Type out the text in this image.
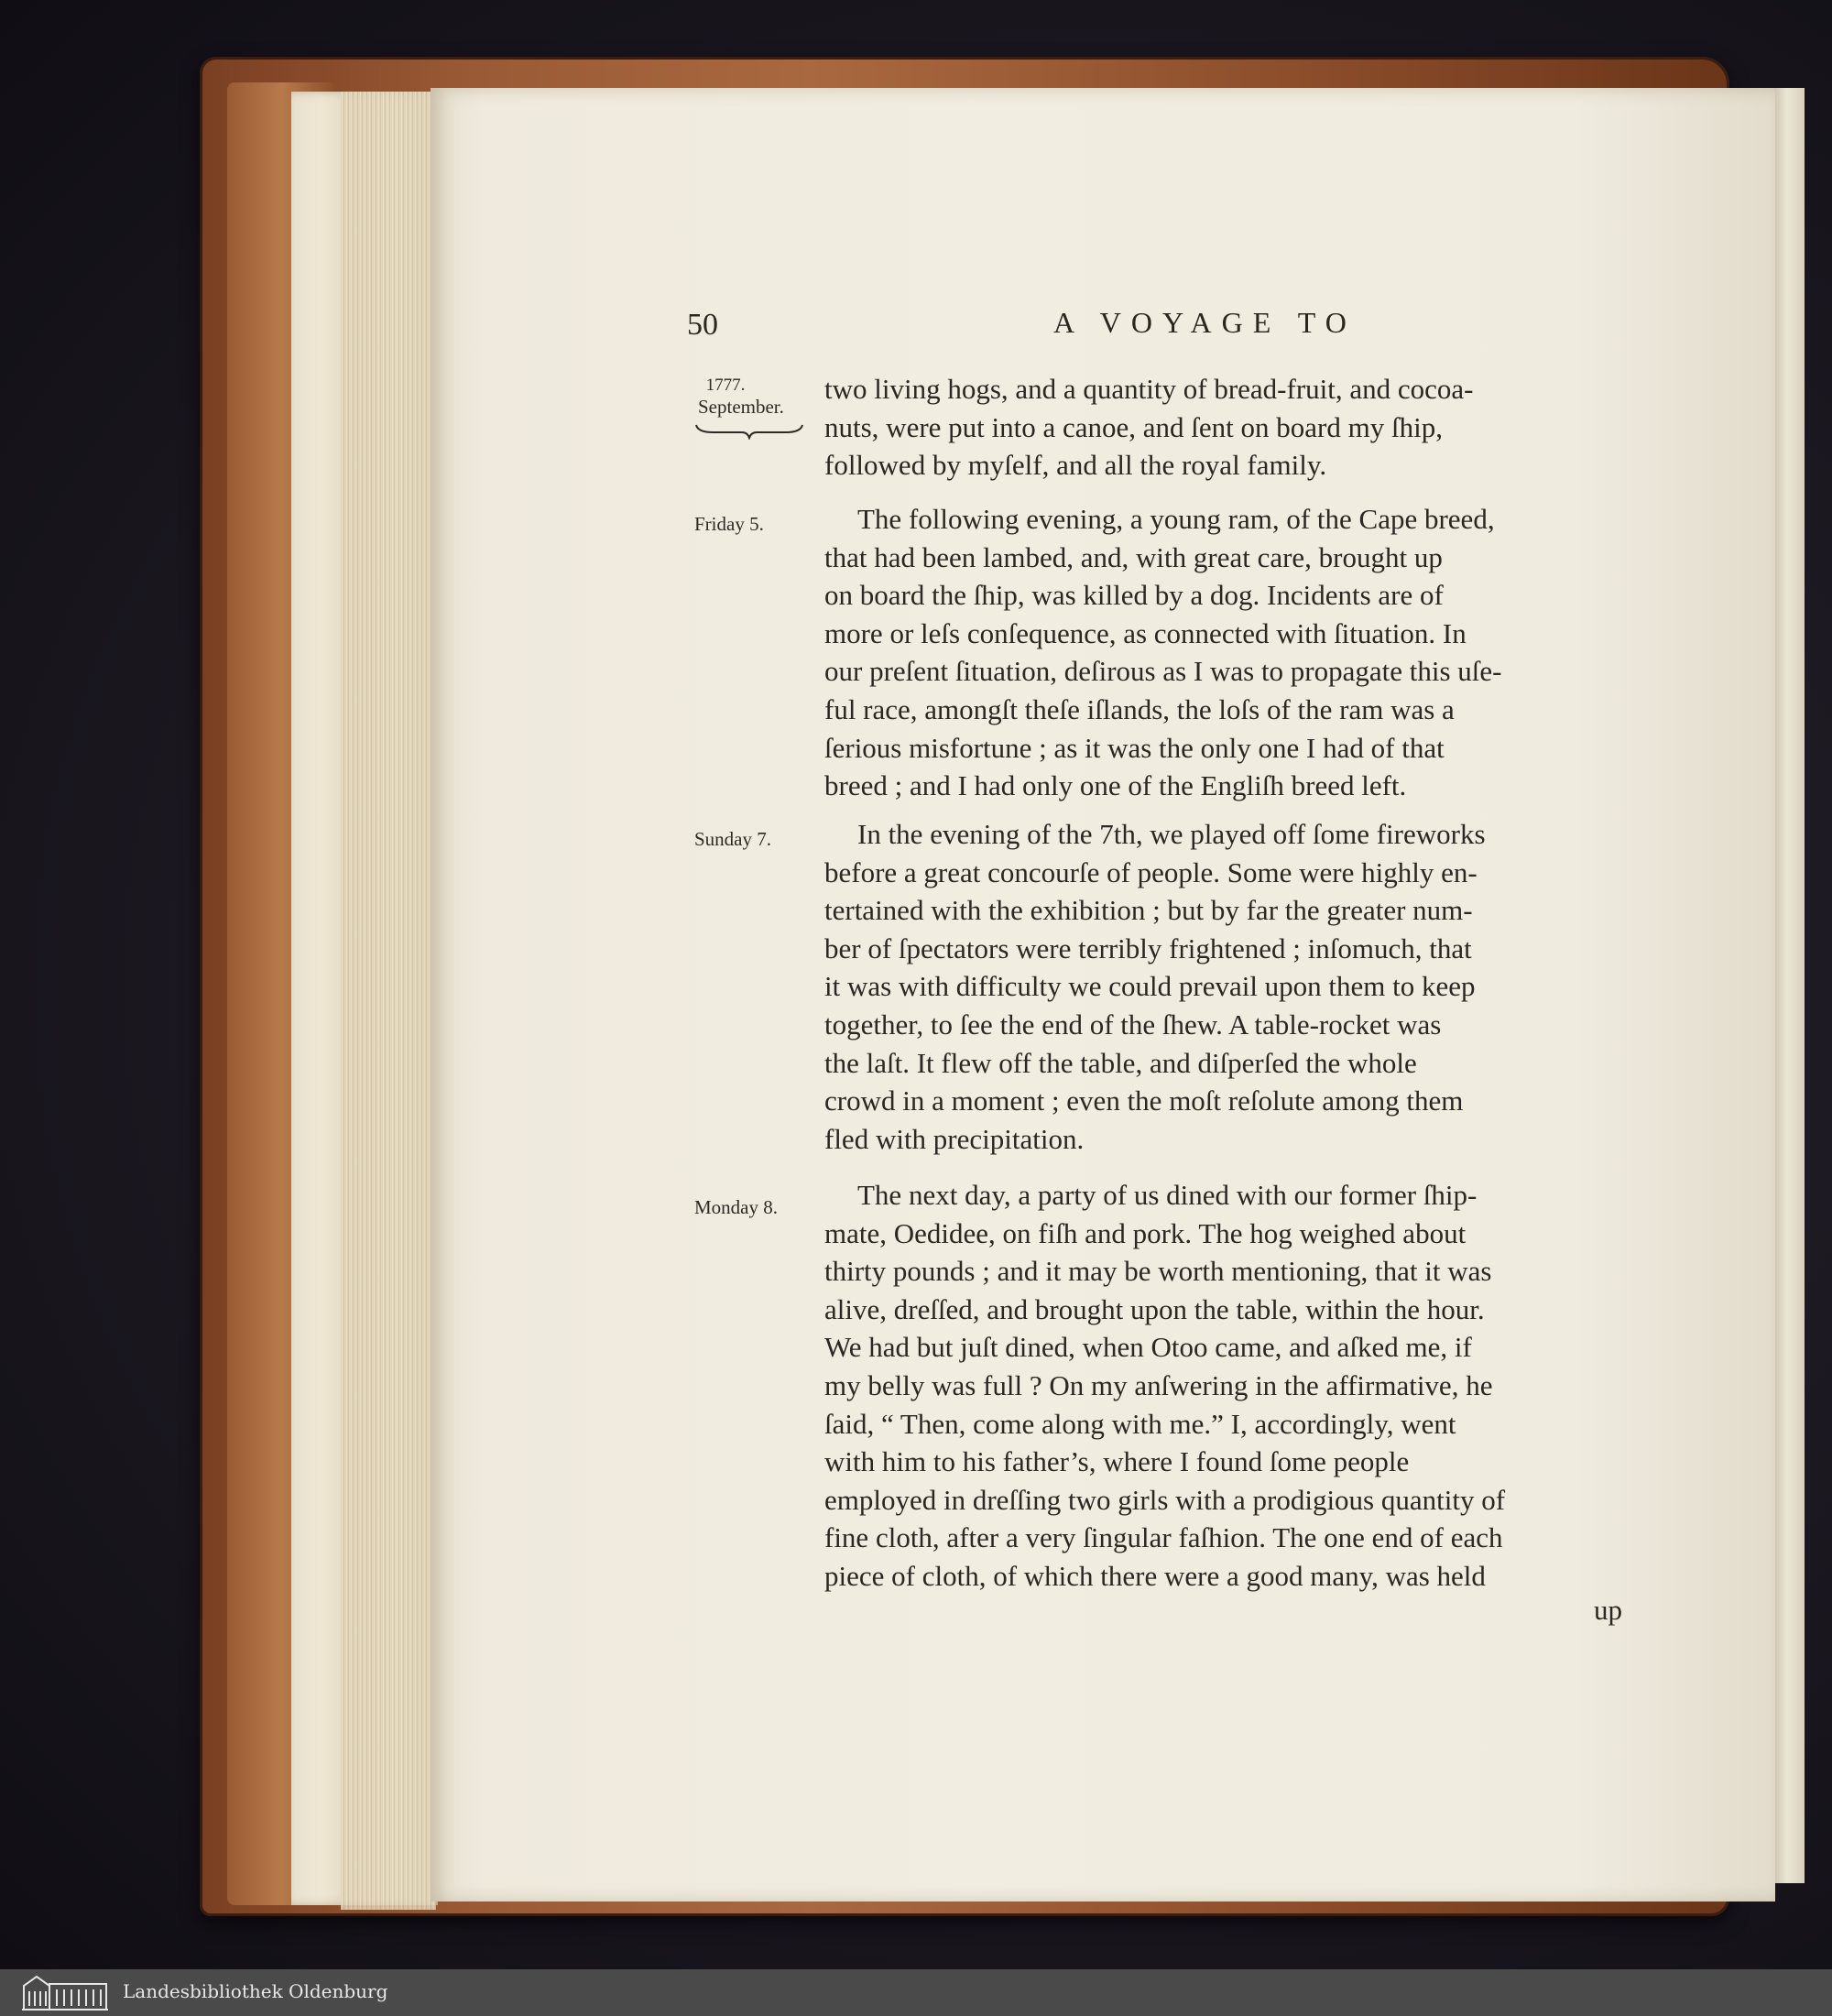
50	A VOYAGE TO
1777.
September.
Friday 5.
Sunday 7.
Monday 8.
two living hogs, and a quantity of bread-fruit, and cocoa-
nuts, were put into a canoe, and ſent on board my ſhip,
followed by myſelf, and all the royal family.
The following evening, a young ram, of the Cape breed,
that had been lambed, and, with great care, brought up
on board the ſhip, was killed by a dog. Incidents are of
more or leſs conſequence, as connected with ſituation. In
our preſent ſituation, deſirous as I was to propagate this uſe-
ful race, amongſt theſe iſlands, the loſs of the ram was a
ſerious misfortune ; as it was the only one I had of that
breed ; and I had only one of the Engliſh breed left.
In the evening of the 7th, we played off ſome fireworks
before a great concourſe of people. Some were highly en-
tertained with the exhibition ; but by far the greater num-
ber of ſpectators were terribly frightened ; inſomuch, that
it was with difficulty we could prevail upon them to keep
together, to ſee the end of the ſhew. A table-rocket was
the laſt. It flew off the table, and diſperſed the whole
crowd in a moment ; even the moſt reſolute among them
fled with precipitation.
The next day, a party of us dined with our former ſhip-
mate, Oedidee, on fiſh and pork. The hog weighed about
thirty pounds ; and it may be worth mentioning, that it was
alive, dreſſed, and brought upon the table, within the hour.
We had but juſt dined, when Otoo came, and aſked me, if
my belly was full ? On my anſwering in the affirmative, he
ſaid, “ Then, come along with me.” I, accordingly, went
with him to his father’s, where I found ſome people
employed in dreſſing two girls with a prodigious quantity of
fine cloth, after a very ſingular faſhion. The one end of each
piece of cloth, of which there were a good many, was held
up
Landesbibliothek Oldenburg
